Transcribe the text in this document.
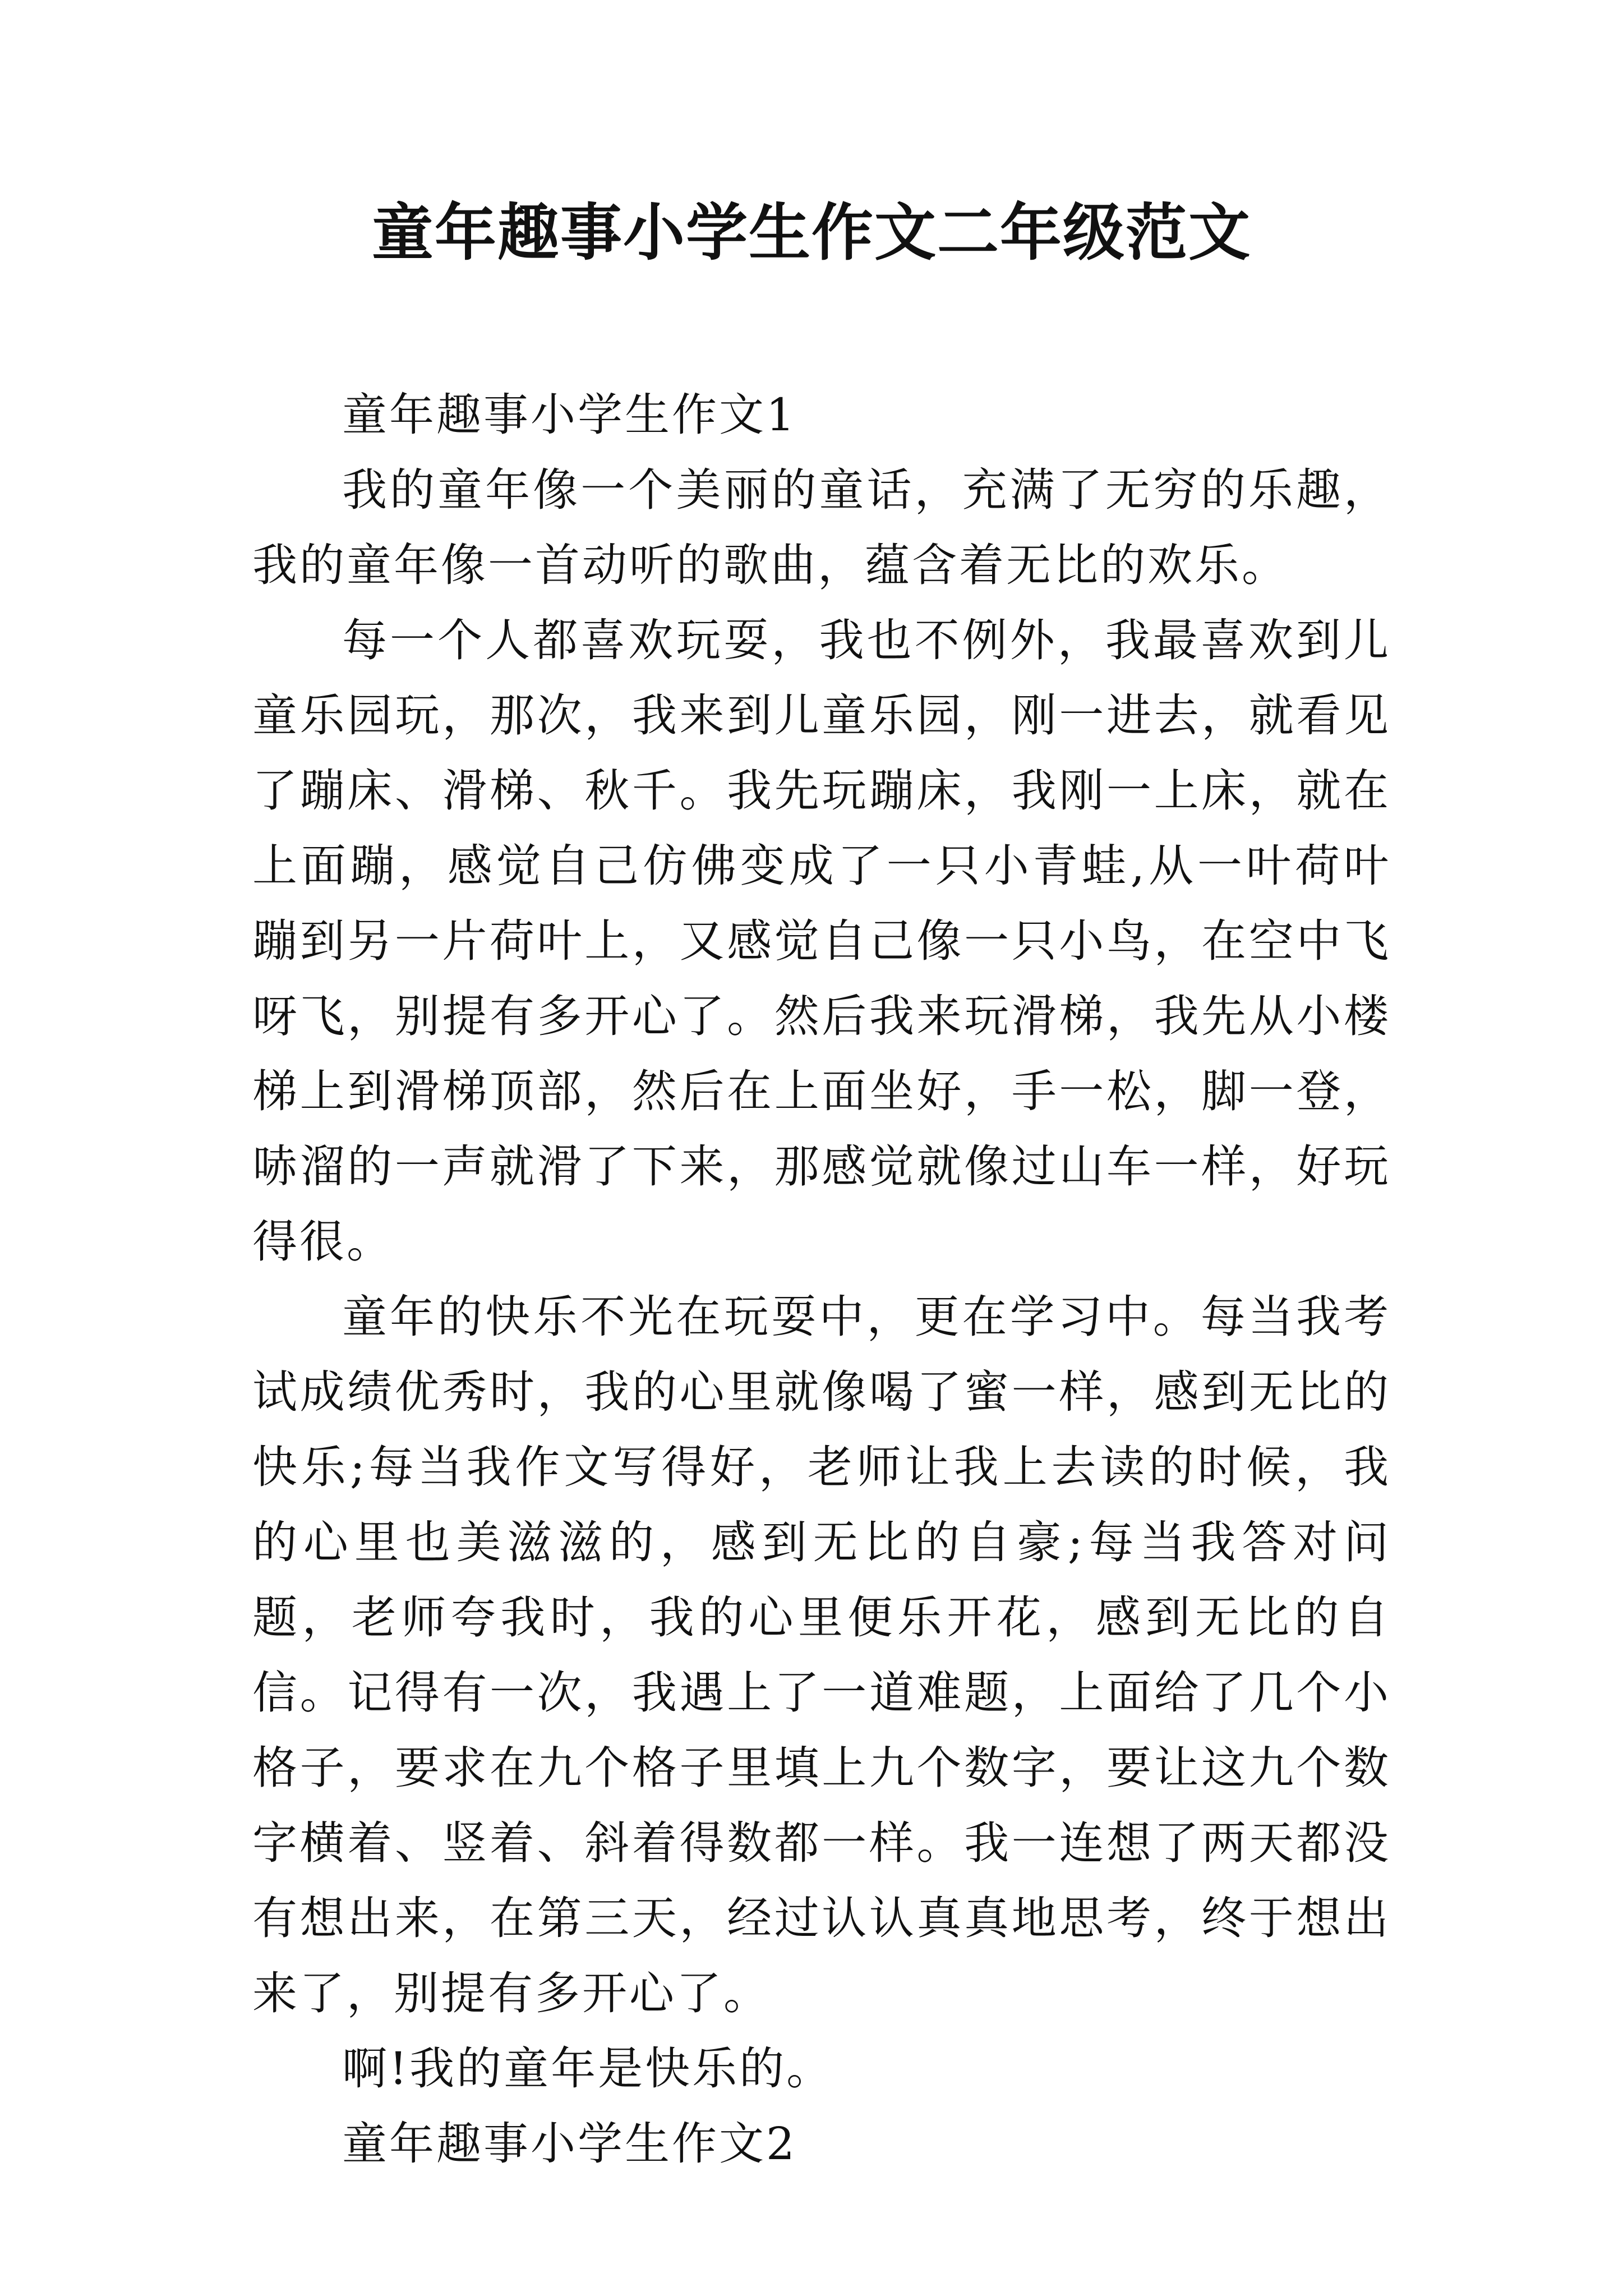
童年趣事小学生作文二年级范文

童年趣事小学生作文1

我的童年像一个美丽的童话，充满了无穷的乐趣，我的童年像一首动听的歌曲，蕴含着无比的欢乐。

每一个人都喜欢玩耍，我也不例外，我最喜欢到儿童乐园玩，那次，我来到儿童乐园，刚一进去，就看见了蹦床、滑梯、秋千。我先玩蹦床，我刚一上床，就在上面蹦，感觉自己仿佛变成了一只小青蛙,从一叶荷叶蹦到另一片荷叶上，又感觉自己像一只小鸟，在空中飞呀飞，别提有多开心了。然后我来玩滑梯，我先从小楼梯上到滑梯顶部，然后在上面坐好，手一松，脚一登，哧溜的一声就滑了下来，那感觉就像过山车一样，好玩得很。

童年的快乐不光在玩耍中，更在学习中。每当我考试成绩优秀时，我的心里就像喝了蜜一样，感到无比的快乐;每当我作文写得好，老师让我上去读的时候，我的心里也美滋滋的，感到无比的自豪;每当我答对问题，老师夸我时，我的心里便乐开花，感到无比的自信。记得有一次，我遇上了一道难题，上面给了几个小格子，要求在九个格子里填上九个数字，要让这九个数字横着、竖着、斜着得数都一样。我一连想了两天都没有想出来，在第三天，经过认认真真地思考，终于想出来了，别提有多开心了。

啊!我的童年是快乐的。

童年趣事小学生作文2
